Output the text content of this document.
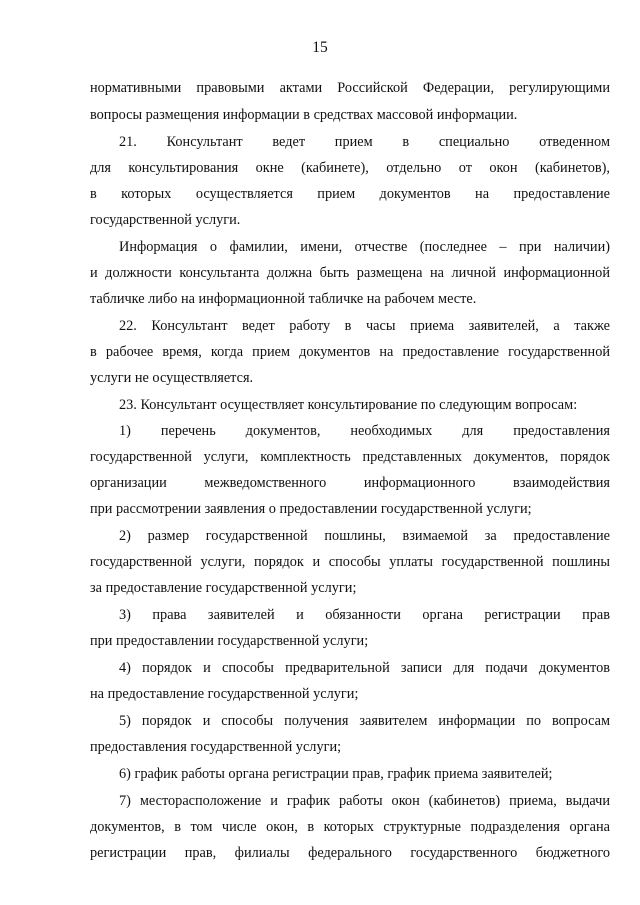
15
нормативными правовыми актами Российской Федерации, регулирующими
вопросы размещения информации в средствах массовой информации.
21. Консультант ведет прием в специально отведенном
для консультирования окне (кабинете), отдельно от окон (кабинетов),
в которых осуществляется прием документов на предоставление
государственной услуги.
Информация о фамилии, имени, отчестве (последнее – при наличии)
и должности консультанта должна быть размещена на личной информационной
табличке либо на информационной табличке на рабочем месте.
22. Консультант ведет работу в часы приема заявителей, а также
в рабочее время, когда прием документов на предоставление государственной
услуги не осуществляется.
23. Консультант осуществляет консультирование по следующим вопросам:
1) перечень документов, необходимых для предоставления
государственной услуги, комплектность представленных документов, порядок
организации межведомственного информационного взаимодействия
при рассмотрении заявления о предоставлении государственной услуги;
2) размер государственной пошлины, взимаемой за предоставление
государственной услуги, порядок и способы уплаты государственной пошлины
за предоставление государственной услуги;
3) права заявителей и обязанности органа регистрации прав
при предоставлении государственной услуги;
4) порядок и способы предварительной записи для подачи документов
на предоставление государственной услуги;
5) порядок и способы получения заявителем информации по вопросам
предоставления государственной услуги;
6) график работы органа регистрации прав, график приема заявителей;
7) месторасположение и график работы окон (кабинетов) приема, выдачи
документов, в том числе окон, в которых структурные подразделения органа
регистрации прав, филиалы федерального государственного бюджетного
